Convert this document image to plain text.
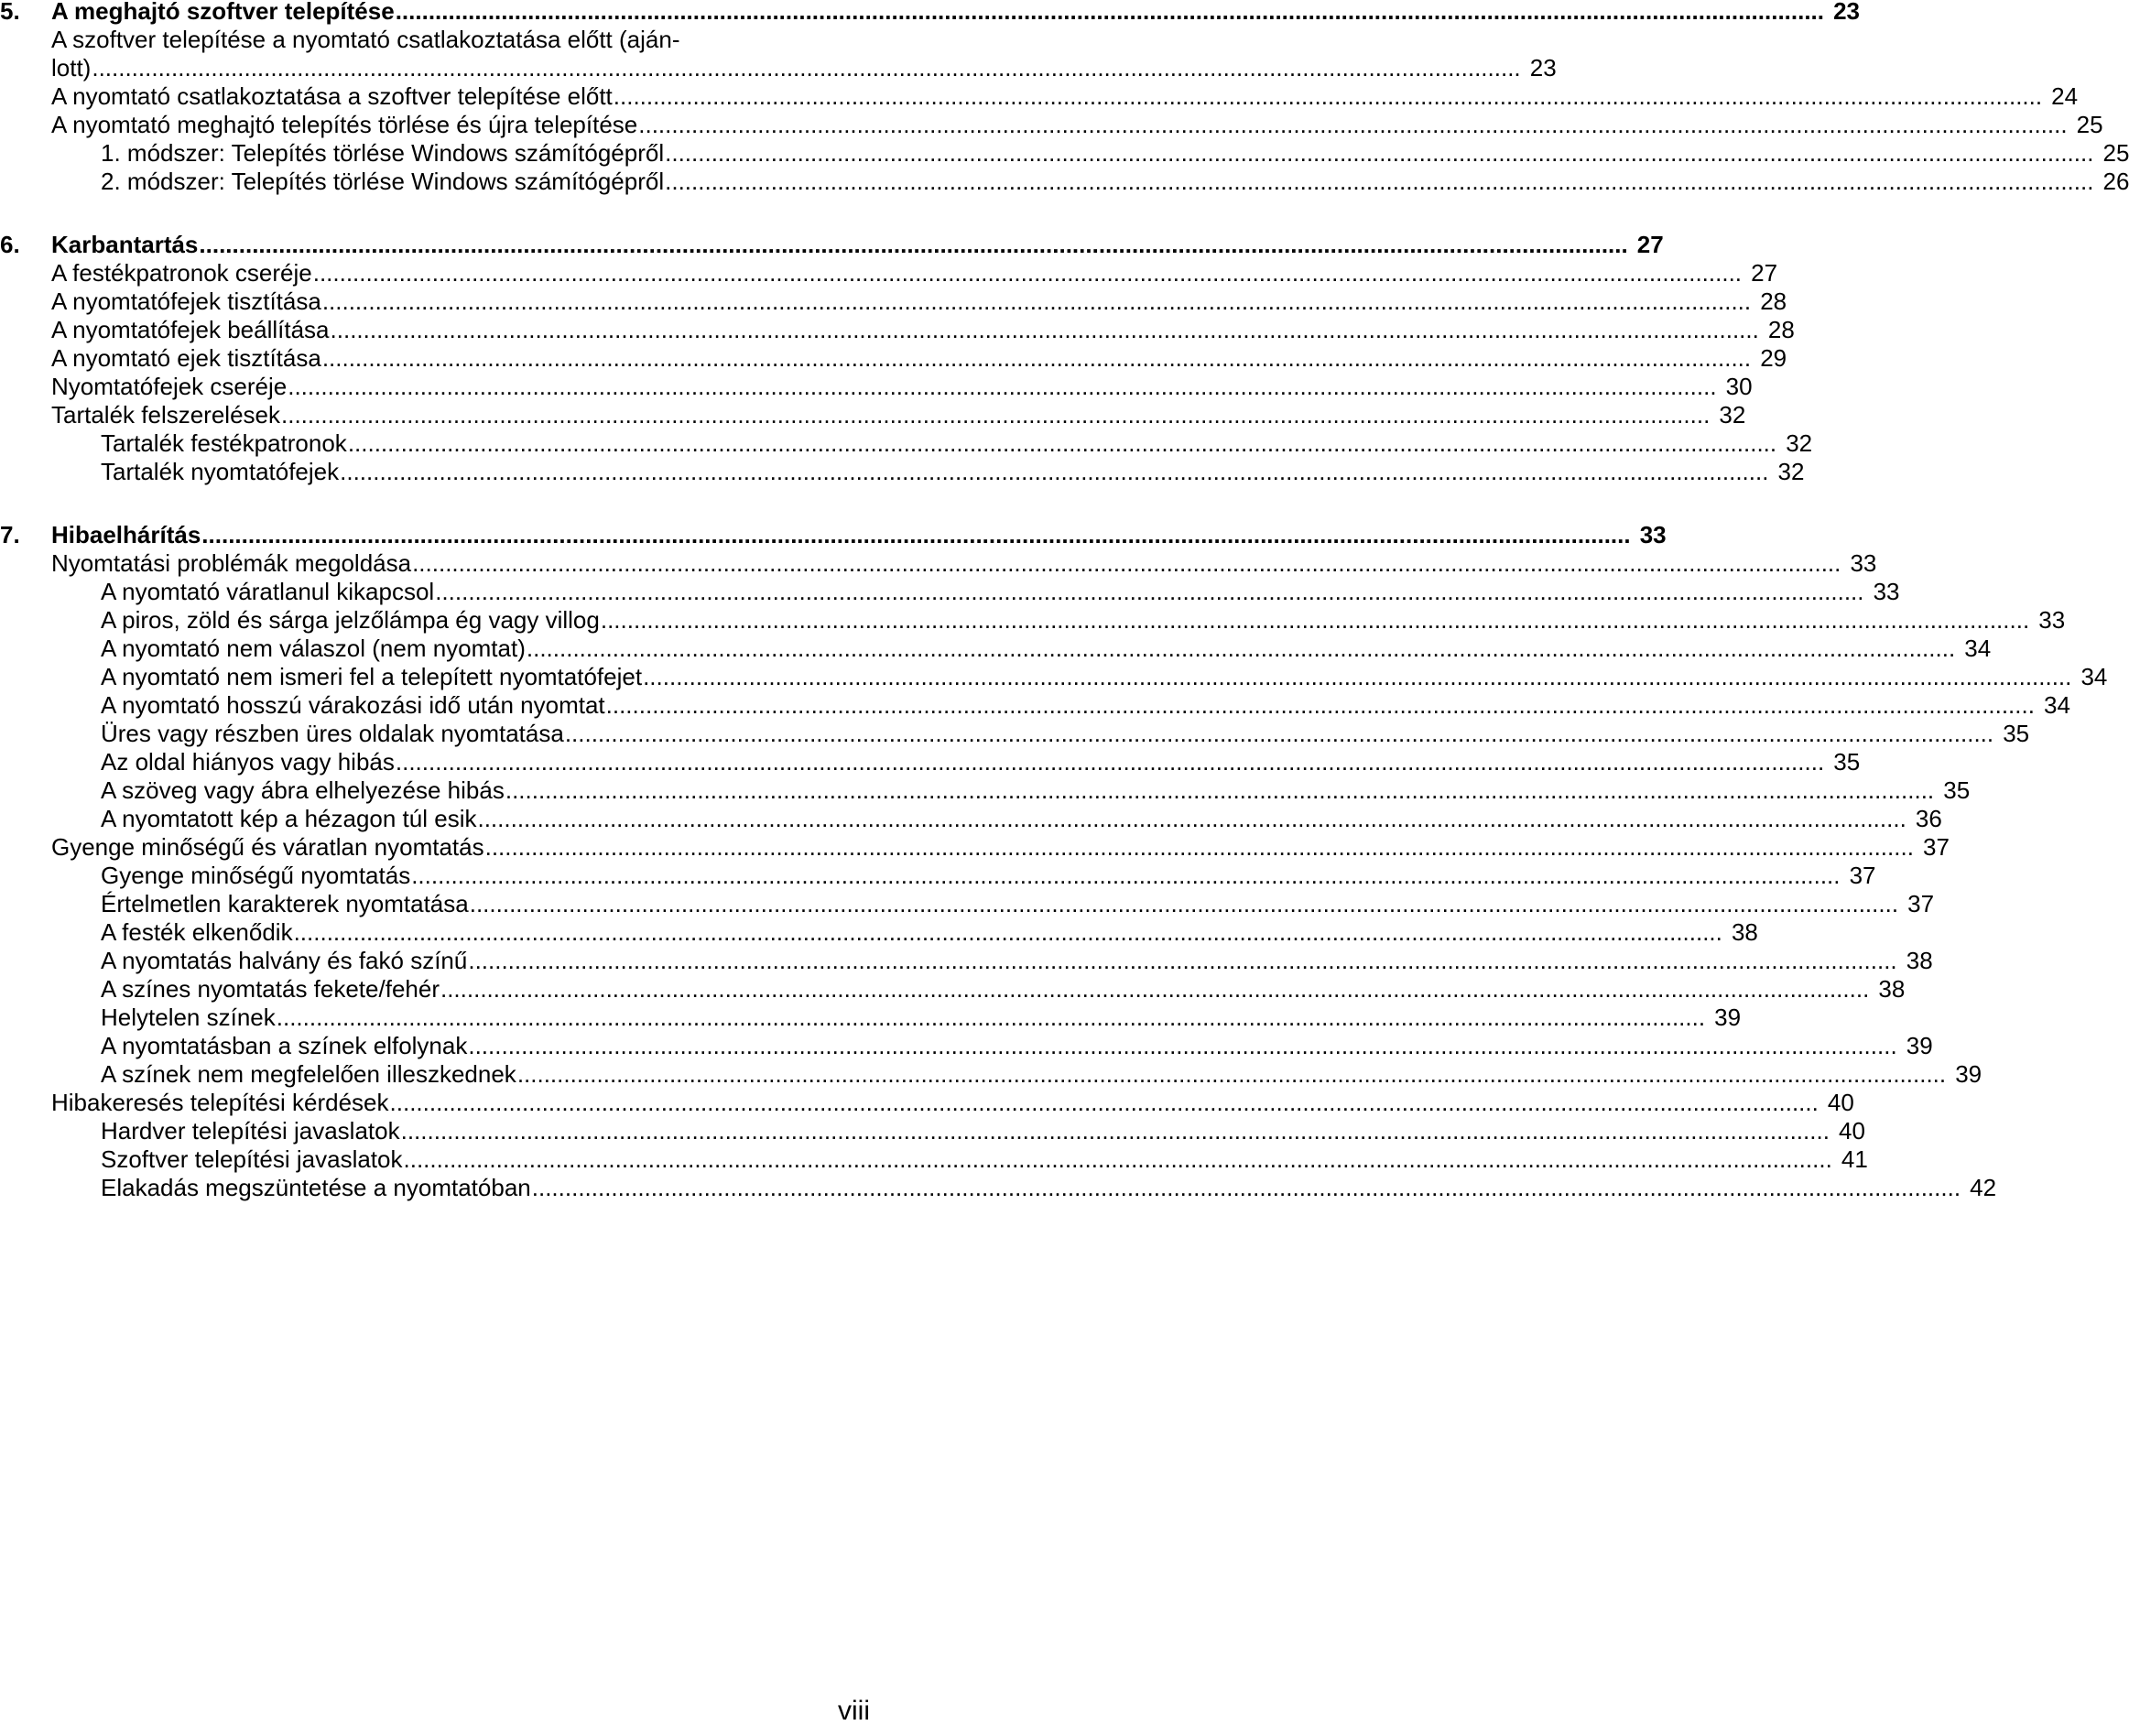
5.	A meghajtó szoftver telepítése .....	23
A szoftver telepítése a nyomtató csatlakoztatása előtt (aján-
lott) .....	23
A nyomtató csatlakoztatása a szoftver telepítése előtt .....	24
A nyomtató meghajtó telepítés törlése és újra telepítése .....	25
1. módszer: Telepítés törlése Windows számítógépről .....	25
2. módszer: Telepítés törlése Windows számítógépről .....	26
6.	Karbantartás .....	27
A festékpatronok cseréje .....	27
A nyomtatófejek tisztítása .....	28
A nyomtatófejek beállítása .....	28
A nyomtató ejek tisztítása .....	29
Nyomtatófejek cseréje .....	30
Tartalék felszerelések .....	32
Tartalék festékpatronok .....	32
Tartalék nyomtatófejek .....	32
7.	Hibaelhárítás .....	33
Nyomtatási problémák megoldása .....	33
A nyomtató váratlanul kikapcsol .....	33
A piros, zöld és sárga jelzőlámpa ég vagy villog .....	33
A nyomtató nem válaszol (nem nyomtat) .....	34
A nyomtató nem ismeri fel a telepített nyomtatófejet .....	34
A nyomtató hosszú várakozási idő után nyomtat .....	34
Üres vagy részben üres oldalak nyomtatása .....	35
Az oldal hiányos vagy hibás .....	35
A szöveg vagy ábra elhelyezése hibás .....	35
A nyomtatott kép a hézagon túl esik .....	36
Gyenge minőségű és váratlan nyomtatás .....	37
Gyenge minőségű nyomtatás .....	37
Értelmetlen karakterek nyomtatása .....	37
A festék elkenődik .....	38
A nyomtatás halvány és fakó színű .....	38
A színes nyomtatás fekete/fehér .....	38
Helytelen színek .....	39
A nyomtatásban a színek elfolynak .....	39
A színek nem megfelelően illeszkednek .....	39
Hibakeresés telepítési kérdések .....	40
Hardver telepítési javaslatok .....	40
Szoftver telepítési javaslatok .....	41
Elakadás megszüntetése a nyomtatóban .....	42
viii
